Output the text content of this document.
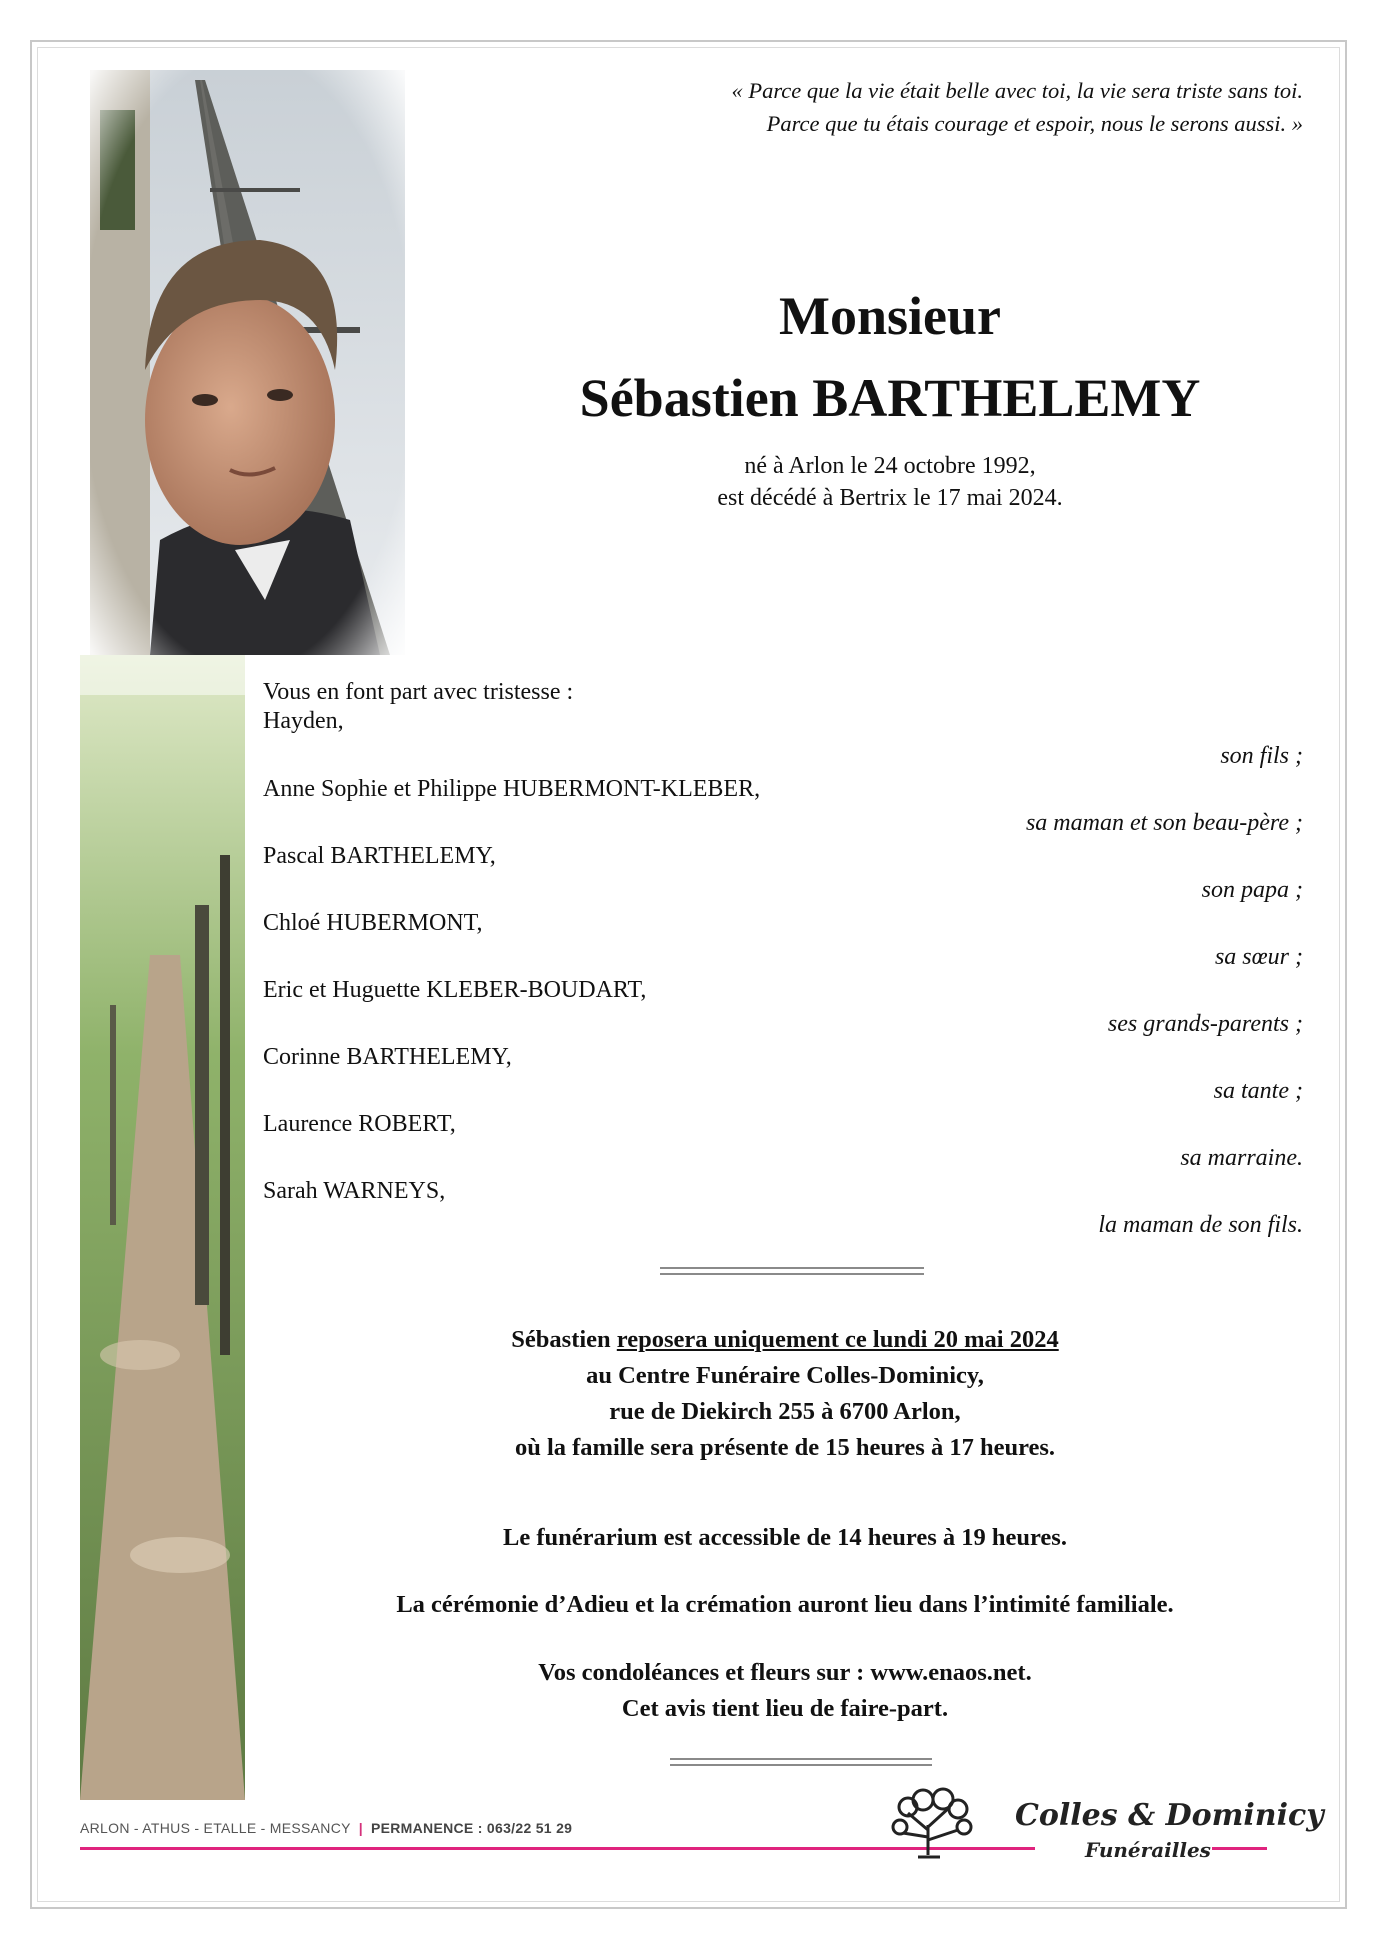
« Parce que la vie était belle avec toi, la vie sera triste sans toi.
Parce que tu étais courage et espoir, nous le serons aussi. »
Monsieur
Sébastien BARTHELEMY
né à Arlon le 24 octobre 1992,
est décédé à Bertrix le 17 mai 2024.
Vous en font part avec tristesse :
Hayden,
son fils ;
Anne Sophie et Philippe HUBERMONT-KLEBER,
sa maman et son beau-père ;
Pascal BARTHELEMY,
son papa ;
Chloé HUBERMONT,
sa sœur ;
Eric et Huguette KLEBER-BOUDART,
ses grands-parents ;
Corinne BARTHELEMY,
sa tante ;
Laurence ROBERT,
sa marraine.
Sarah WARNEYS,
la maman de son fils.

Sébastien reposera uniquement ce lundi 20 mai 2024

au Centre Funéraire Colles-Dominicy,

rue de Diekirch 255 à 6700 Arlon,

où la famille sera présente de 15 heures à 17 heures.

Le funérarium est accessible de 14 heures à 19 heures.
La cérémonie d’Adieu et la crémation auront lieu dans l’intimité familiale.

Vos condoléances et fleurs sur : www.enaos.net.

Cet avis tient lieu de faire-part.

ARLON - ATHUS - ETALLE - MESSANCY | PERMANENCE : 063/22 51 29	Colles & Dominicy
Funérailles
